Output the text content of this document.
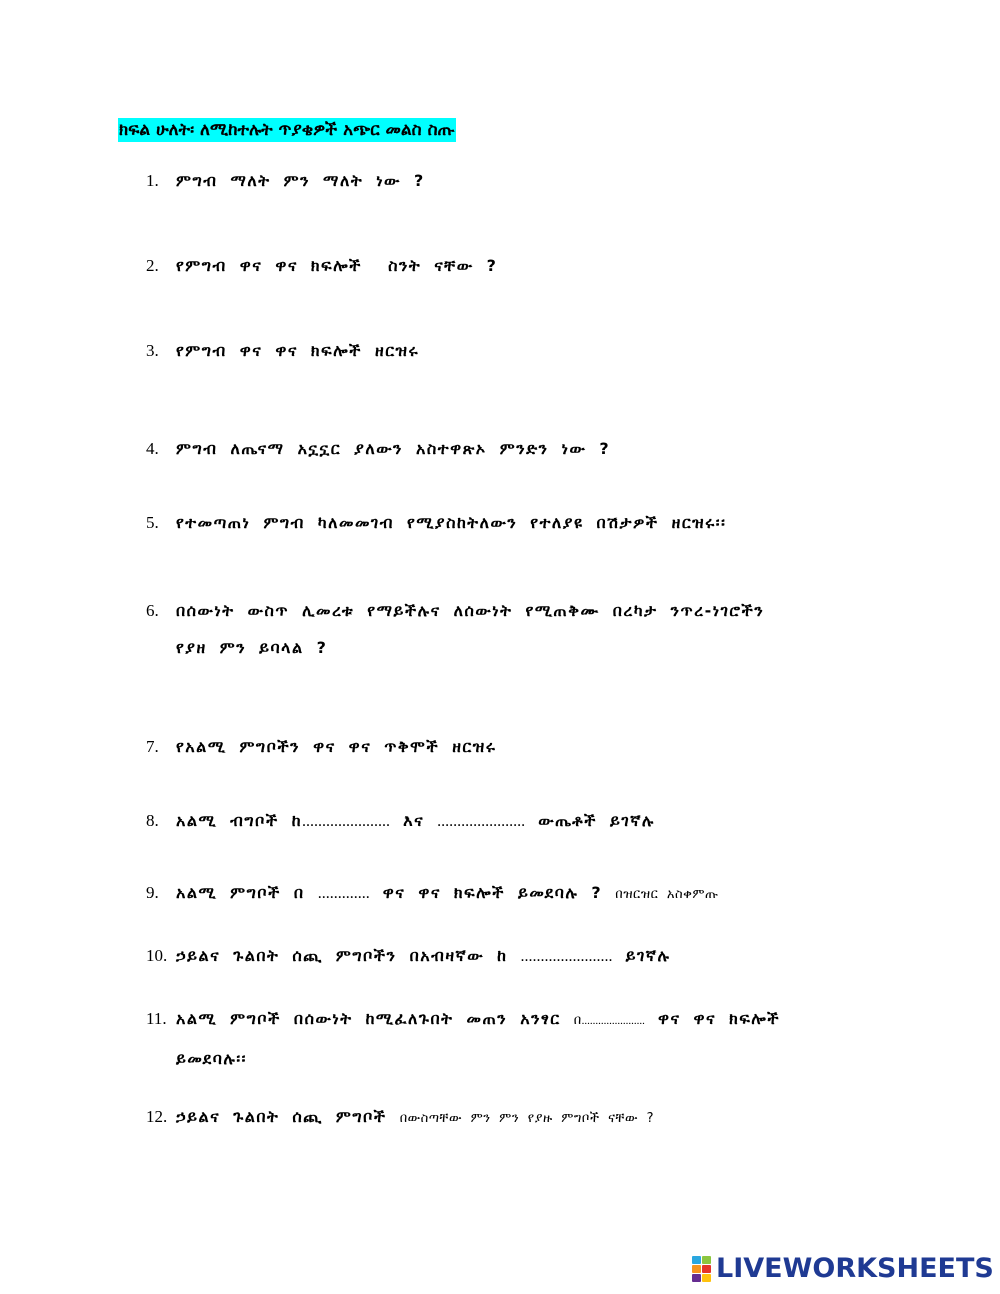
ክፍል ሁለት፡ ለሚከተሉት ጥያቄዎች አጭር መልስ ስጡ
1. ምግብ ማለት ምን ማለት ነው ?
2. የምግብ ዋና ዋና ክፍሎች  ስንት ናቸው ?
3. የምግብ ዋና ዋና ክፍሎች ዘርዝሩ
4. ምግብ ለጤናማ አኗኗር ያለውን አስተዋጽኦ ምንድን ነው ?
5. የተመጣጠነ ምግብ ካለመመገብ የሚያስከትለውን የተለያዩ በሽታዎች ዘርዝሩ፡፡
6. በሰውነት ውስጥ ሊመረቱ የማይችሉና ለሰውነት የሚጠቅሙ በረካታ ንጥረ-ነገሮችን
የያዘ ምን ይባላል ?
7. የአልሚ ምግቦችን ዋና ዋና ጥቅሞች ዘርዝሩ
8. አልሚ ብግቦች ከ...................... እና ...................... ውጤቶች ይገኛሉ
9. አልሚ ምግቦች በ ............. ዋና ዋና ክፍሎች ይመደባሉ ? በዝርዝር አስቀምጡ
10. ኃይልና ጉልበት ሰጪ ምግቦችን በአብዛኛው ከ ....................... ይገኛሉ
11. አልሚ ምግቦች በሰውነት ከሚፈለጉበት መጠን አንፃር በ....................... ዋና ዋና ክፍሎች
ይመደባሉ፡፡
12. ኃይልና ጉልበት ሰጪ ምግቦች በውስጣቸው ምን ምን የያዙ ምግቦች ናቸው ?
LIVEWORKSHEETS
